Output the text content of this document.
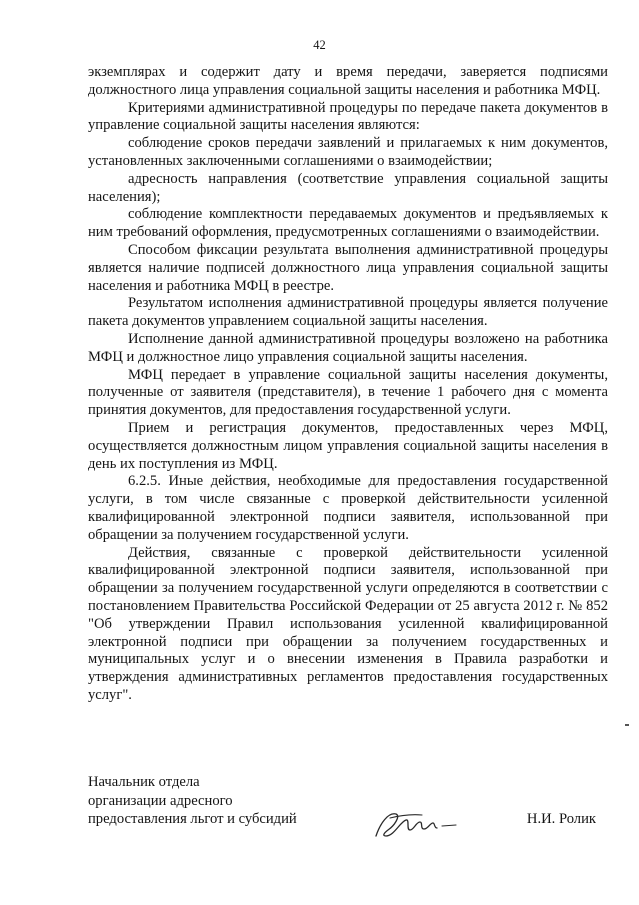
42

экземплярах и содержит дату и время передачи, заверяется подписями должностного лица управления социальной защиты населения и работника МФЦ.

Критериями административной процедуры по передаче пакета документов в управление социальной защиты населения являются:

соблюдение сроков передачи заявлений и прилагаемых к ним документов, установленных заключенными соглашениями о взаимодействии;

адресность направления (соответствие управления социальной защиты населения);

соблюдение комплектности передаваемых документов и предъявляемых к ним требований оформления, предусмотренных соглашениями о взаимодействии.

Способом фиксации результата выполнения административной процедуры является наличие подписей должностного лица управления социальной защиты населения и работника МФЦ в реестре.

Результатом исполнения административной процедуры является получение пакета документов управлением социальной защиты населения.

Исполнение данной административной процедуры возложено на работника МФЦ и должностное лицо управления социальной защиты населения.

МФЦ передает в управление социальной защиты населения документы, полученные от заявителя (представителя), в течение 1 рабочего дня с момента принятия документов, для предоставления государственной услуги.

Прием и регистрация документов, предоставленных через МФЦ, осуществляется должностным лицом управления социальной защиты населения в день их поступления из МФЦ.

6.2.5. Иные действия, необходимые для предоставления государственной услуги, в том числе связанные с проверкой действительности усиленной квалифицированной электронной подписи заявителя, использованной при обращении за получением государственной услуги.

Действия, связанные с проверкой действительности усиленной квалифицированной электронной подписи заявителя, использованной при обращении за получением государственной услуги определяются в соответствии с постановлением Правительства Российской Федерации от 25 августа 2012 г. № 852 "Об утверждении Правил использования усиленной квалифицированной электронной подписи при обращении за получением государственных и муниципальных услуг и о внесении изменения в Правила разработки и утверждения административных регламентов предоставления государственных услуг".

Начальник отдела
организации адресного
предоставления льгот и субсидий	Н.И. Ролик
